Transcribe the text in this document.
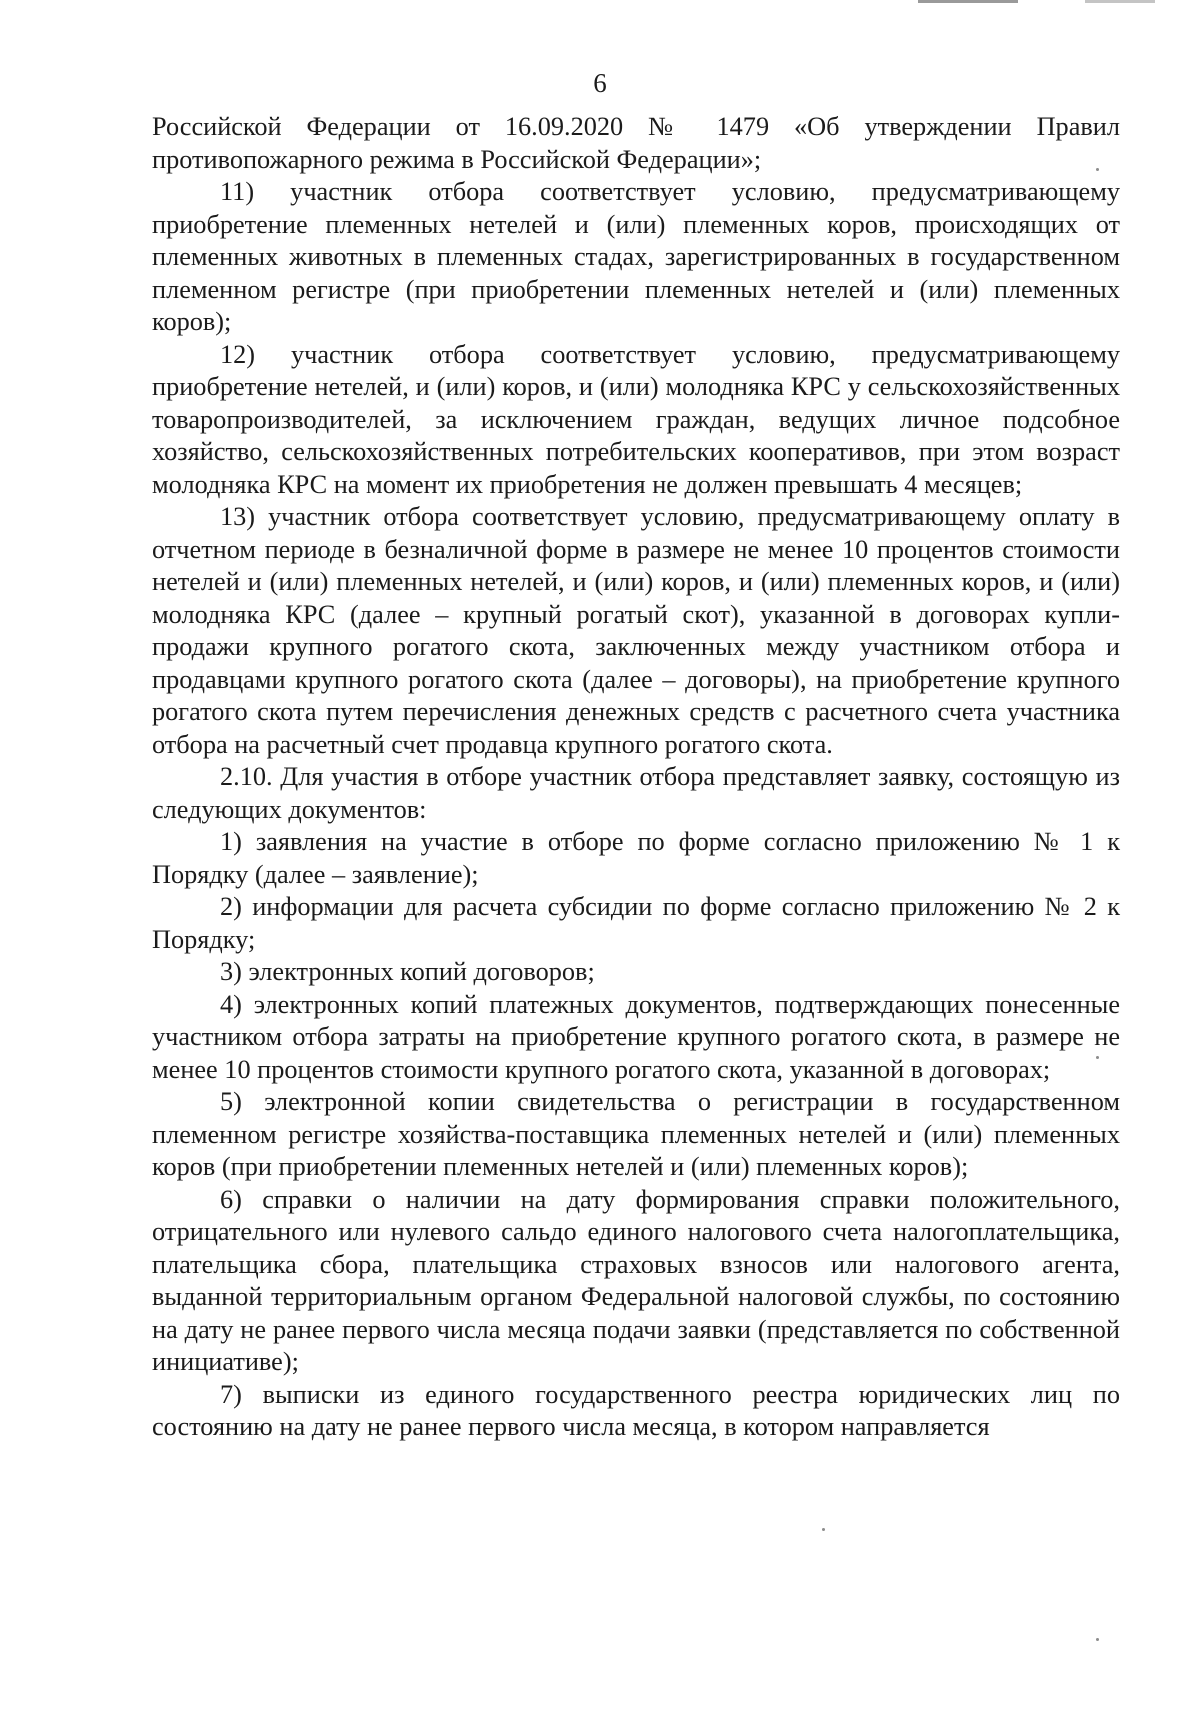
6

Российской Федерации от 16.09.2020 № 1479 «Об утверждении Правил противопожарного режима в Российской Федерации»;

11) участник отбора соответствует условию, предусматривающему приобретение племенных нетелей и (или) племенных коров, происходящих от племенных животных в племенных стадах, зарегистрированных в государственном племенном регистре (при приобретении племенных нетелей и (или) племенных коров);

12) участник отбора соответствует условию, предусматривающему приобретение нетелей, и (или) коров, и (или) молодняка КРС у сельскохозяйственных товаропроизводителей, за исключением граждан, ведущих личное подсобное хозяйство, сельскохозяйственных потребительских кооперативов, при этом возраст молодняка КРС на момент их приобретения не должен превышать 4 месяцев;

13) участник отбора соответствует условию, предусматривающему оплату в отчетном периоде в безналичной форме в размере не менее 10 процентов стоимости нетелей и (или) племенных нетелей, и (или) коров, и (или) племенных коров, и (или) молодняка КРС (далее – крупный рогатый скот), указанной в договорах купли-продажи крупного рогатого скота, заключенных между участником отбора и продавцами крупного рогатого скота (далее – договоры), на приобретение крупного рогатого скота путем перечисления денежных средств с расчетного счета участника отбора на расчетный счет продавца крупного рогатого скота.

2.10. Для участия в отборе участник отбора представляет заявку, состоящую из следующих документов:

1) заявления на участие в отборе по форме согласно приложению № 1 к Порядку (далее – заявление);

2) информации для расчета субсидии по форме согласно приложению № 2 к Порядку;

3) электронных копий договоров;

4) электронных копий платежных документов, подтверждающих понесенные участником отбора затраты на приобретение крупного рогатого скота, в размере не менее 10 процентов стоимости крупного рогатого скота, указанной в договорах;

5) электронной копии свидетельства о регистрации в государственном племенном регистре хозяйства-поставщика племенных нетелей и (или) племенных коров (при приобретении племенных нетелей и (или) племенных коров);

6) справки о наличии на дату формирования справки положительного, отрицательного или нулевого сальдо единого налогового счета налогоплательщика, плательщика сбора, плательщика страховых взносов или налогового агента, выданной территориальным органом Федеральной налоговой службы, по состоянию на дату не ранее первого числа месяца подачи заявки (представляется по собственной инициативе);

7) выписки из единого государственного реестра юридических лиц по состоянию на дату не ранее первого числа месяца, в котором направляется
